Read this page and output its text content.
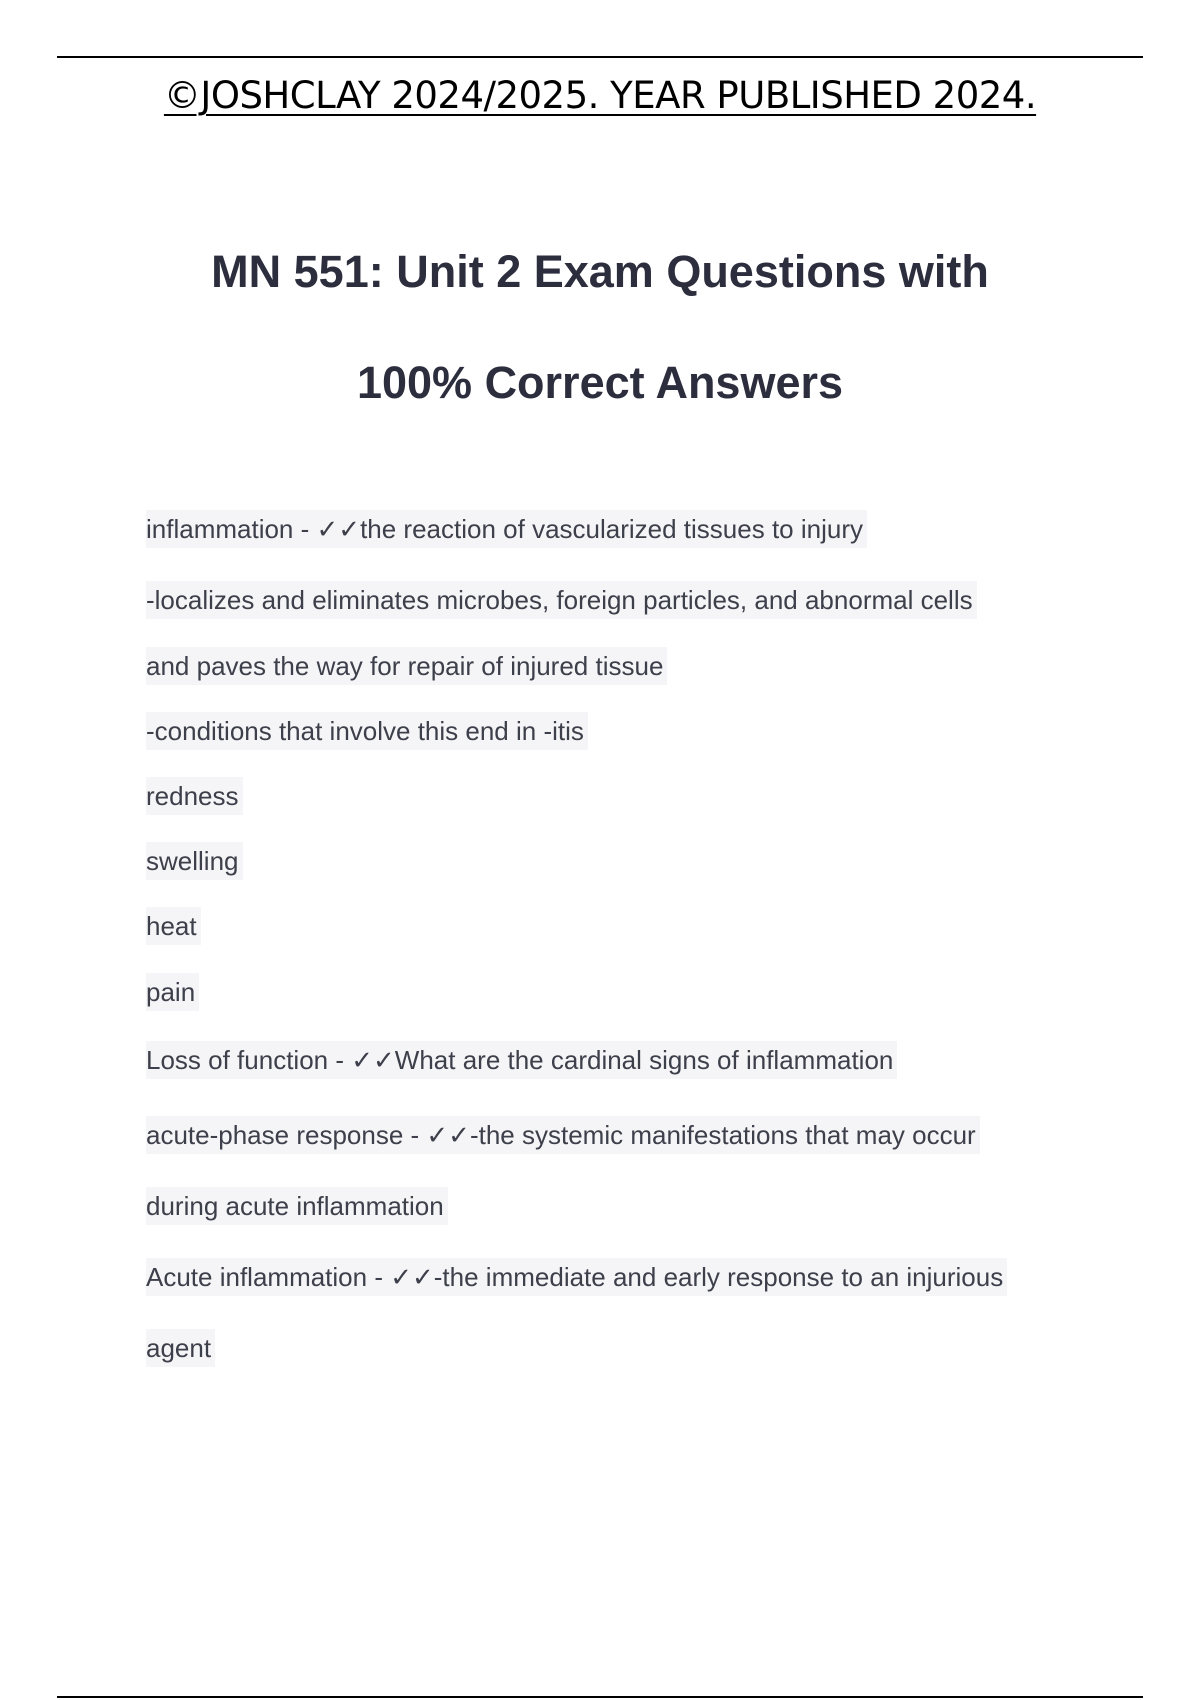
©JOSHCLAY 2024/2025. YEAR PUBLISHED 2024.
MN 551: Unit 2 Exam Questions with
100% Correct Answers
inflammation - ✓✓the reaction of vascularized tissues to injury
-localizes and eliminates microbes, foreign particles, and abnormal cells
and paves the way for repair of injured tissue
-conditions that involve this end in -itis
redness
swelling
heat
pain
Loss of function - ✓✓What are the cardinal signs of inflammation
acute-phase response - ✓✓-the systemic manifestations that may occur
during acute inflammation
Acute inflammation - ✓✓-the immediate and early response to an injurious
agent
